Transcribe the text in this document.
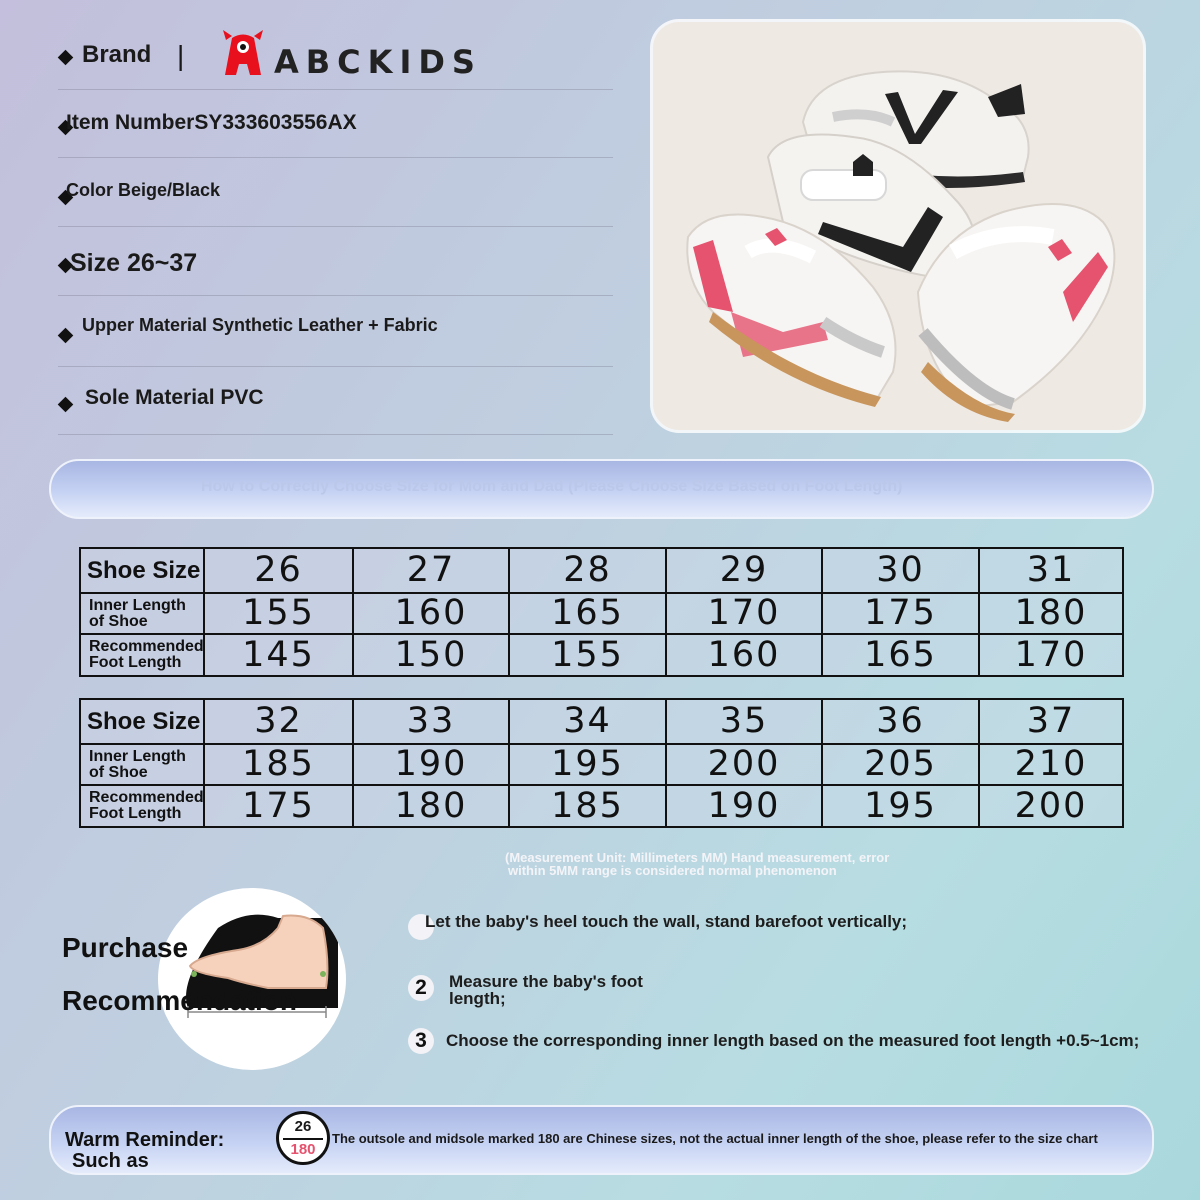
Brand |	ABCKIDS
Item NumberSY333603556AX
Color Beige/Black
Size 26~37
Upper Material Synthetic Leather + Fabric
Sole Material PVC
How to Correctly Choose Size for Mom and Dad (Please Choose Size Based on Foot Length)
Shoe Size	26	27	28	29	30	31
Inner Length of Shoe	155	160	165	170	175	180
Recommended Foot Length	145	150	155	160	165	170
Shoe Size	32	33	34	35	36	37
Inner Length of Shoe	185	190	195	200	205	210
Recommended Foot Length	175	180	185	190	195	200
(Measurement Unit: Millimeters MM) Hand measurement, error
within 5MM range is considered normal phenomenon
Purchase
Recommendation
Let the baby's heel touch the wall, stand barefoot vertically;
2	Measure the baby's foot length;
3	Choose the corresponding inner length based on the measured foot length +0.5~1cm;
Warm Reminder:
Such as
26
180
The outsole and midsole marked 180 are Chinese sizes, not the actual inner length of the shoe, please refer to the size chart
